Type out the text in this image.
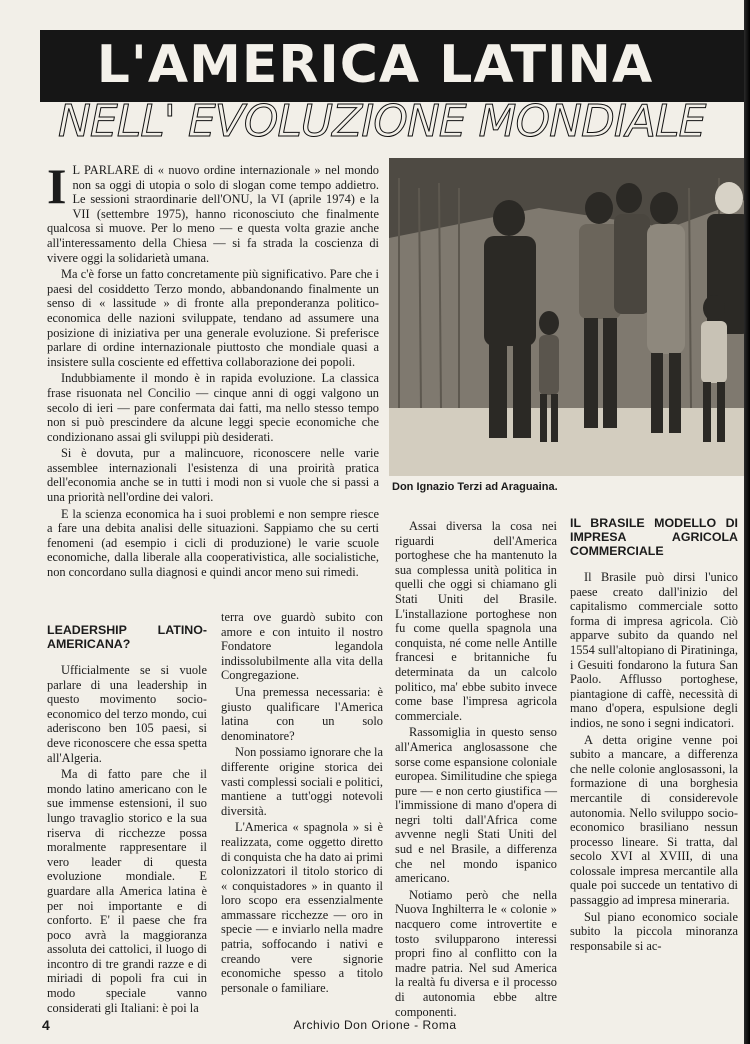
L'AMERICA LATINA
NELL' EVOLUZIONE MONDIALE
I L PARLARE di « nuovo ordine internazionale » nel mondo non sa oggi di utopia o solo di slogan come tempo addietro. Le sessioni straordinarie dell'ONU, la VI (aprile 1974) e la VII (settembre 1975), hanno riconosciuto che finalmente qualcosa si muove. Per lo meno — e questa volta grazie anche all'interessamento della Chiesa — si fa strada la coscienza di vivere oggi la solidarietà umana.

Ma c'è forse un fatto concretamente più significativo. Pare che i paesi del cosiddetto Terzo mondo, abbandonando finalmente un senso di « lassitude » di fronte alla preponderanza politico-economica delle nazioni sviluppate, tendano ad assumere una posizione di iniziativa per una generale evoluzione. Si preferisce parlare di ordine internazionale piuttosto che mondiale quasi a insistere sulla cosciente ed effettiva collaborazione dei popoli.

Indubbiamente il mondo è in rapida evoluzione. La classica frase risuonata nel Concilio — cinque anni di oggi valgono un secolo di ieri — pare confermata dai fatti, ma nello stesso tempo non si può prescindere da alcune leggi specie economiche che condizionano assai gli sviluppi più desiderati.

Si è dovuta, pur a malincuore, riconoscere nelle varie assemblee internazionali l'esistenza di una proirità pratica dell'economia anche se in tutti i modi non si vuole che si passi a una priorità nell'ordine dei valori.

E la scienza economica ha i suoi problemi e non sempre riesce a fare una debita analisi delle situazioni. Sappiamo che su certi fenomeni (ad esempio i cicli di produzione) le varie scuole economiche, dalla liberale alla cooperativistica, alle socialistiche, non concordano sulla diagnosi e quindi ancor meno sui rimedi.

Don Ignazio Terzi ad Araguaina.
LEADERSHIP LATINO-AMERICANA?

Ufficialmente se si vuole parlare di una leadership in questo movimento socio-economico del terzo mondo, cui aderiscono ben 105 paesi, si deve riconoscere che essa spetta all'Algeria.

Ma di fatto pare che il mondo latino americano con le sue immense estensioni, il suo lungo travaglio storico e la sua riserva di ricchezze possa moralmente rappresentare il vero leader di questa evoluzione mondiale. E guardare alla America latina è per noi importante e di conforto. E' il paese che fra poco avrà la maggioranza assoluta dei cattolici, il luogo di incontro di tre grandi razze e di miriadi di popoli fra cui in modo speciale vanno considerati gli Italiani: è poi la

terra ove guardò subito con amore e con intuito il nostro Fondatore legandola indissolubilmente alla vita della Congregazione.

Una premessa necessaria: è giusto qualificare l'America latina con un solo denominatore?

Non possiamo ignorare che la differente origine storica dei vasti complessi sociali e politici, mantiene a tutt'oggi notevoli diversità.

L'America « spagnola » si è realizzata, come oggetto diretto di conquista che ha dato ai primi colonizzatori il titolo storico di « conquistadores » in quanto il loro scopo era essenzialmente ammassare ricchezze — oro in specie — e inviarlo nella madre patria, soffocando i nativi e creando vere signorie economiche spesso a titolo personale o familiare.

Assai diversa la cosa nei riguardi dell'America portoghese che ha mantenuto la sua complessa unità politica in quelli che oggi si chiamano gli Stati Uniti del Brasile. L'installazione portoghese non fu come quella spagnola una conquista, né come nelle Antille francesi e britanniche fu determinata da un calcolo politico, ma' ebbe subito invece come base l'impresa agricola commerciale.

Rassomiglia in questo senso all'America anglosassone che sorse come espansione coloniale europea. Similitudine che spiega pure — e non certo giustifica — l'immissione di mano d'opera di negri tolti dall'Africa come avvenne negli Stati Uniti del sud e nel Brasile, a differenza che nel mondo ispanico americano.

Notiamo però che nella Nuova Inghilterra le « colonie » nacquero come introvertite e tosto svilupparono interessi propri fino al conflitto con la madre patria. Nel sud America la realtà fu diversa e il processo di autonomia ebbe altre componenti.

IL BRASILE MODELLO DI IMPRESA AGRICOLA COMMERCIALE

Il Brasile può dirsi l'unico paese creato dall'inizio del capitalismo commerciale sotto forma di impresa agricola. Ciò apparve subito da quando nel 1554 sull'altopiano di Piratininga, i Gesuiti fondarono la futura San Paolo. Afflusso portoghese, piantagione di caffè, necessità di mano d'opera, espulsione degli indios, ne sono i segni indicatori.

A detta origine venne poi subito a mancare, a differenza che nelle colonie anglosassoni, la formazione di una borghesia mercantile di considerevole autonomia. Nello sviluppo socio-economico brasiliano nessun processo lineare. Si tratta, dal secolo XVI al XVIII, di una colossale impresa mercantile alla quale poi succede un tentativo di passaggio ad impresa mineraria.

Sul piano economico sociale subito la piccola minoranza responsabile si ac-

4	Archivio Don Orione - Roma
